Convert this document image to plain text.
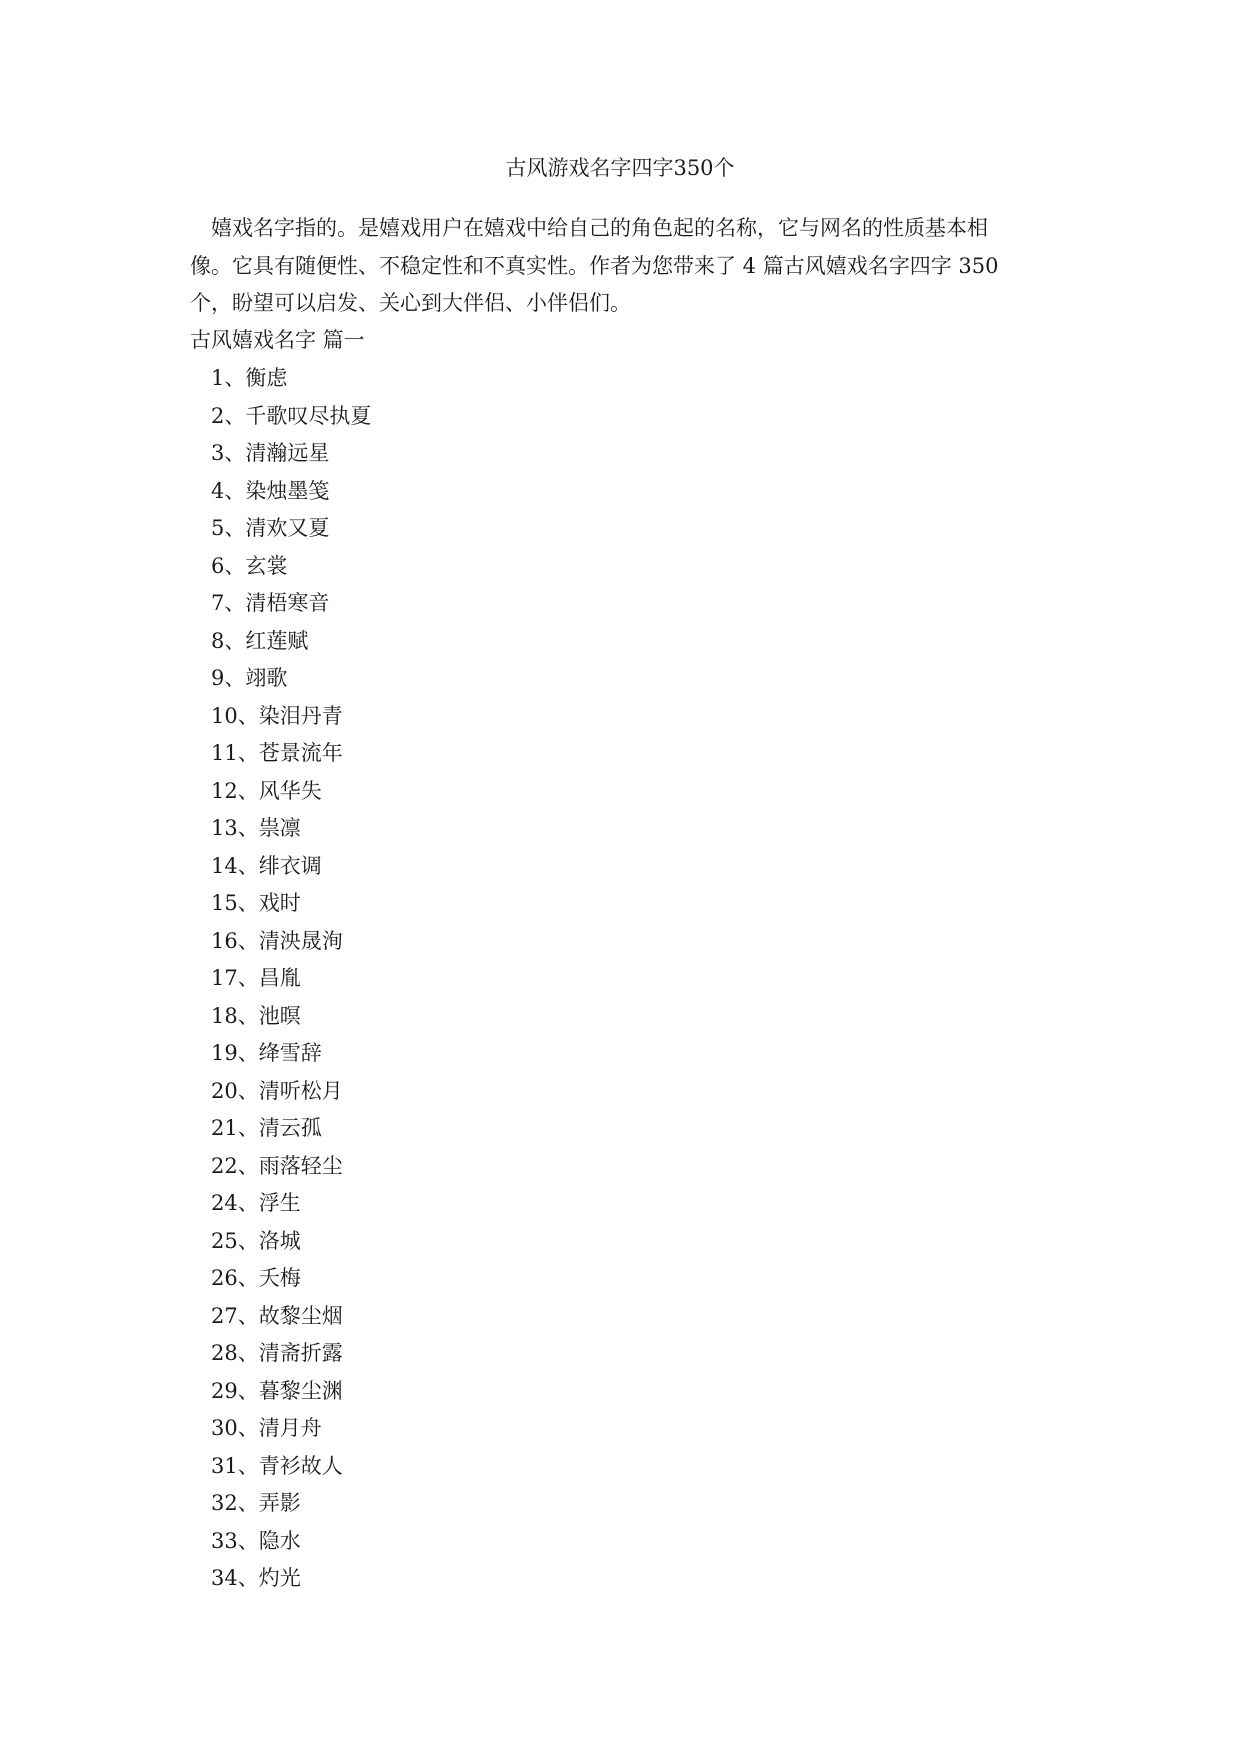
古风游戏名字四字350个
嬉戏名字指的。是嬉戏用户在嬉戏中给自己的角色起的名称，它与网名的性质基本相
像。它具有随便性、不稳定性和不真实性。作者为您带来了 4 篇古风嬉戏名字四字 350
个，盼望可以启发、关心到大伴侣、小伴侣们。
古风嬉戏名字 篇一
1、衡虑
2、千歌叹尽执夏
3、清瀚远星
4、染烛墨笺
5、清欢又夏
6、玄裳
7、清梧寒音
8、红莲赋
9、翊歌
10、染泪丹青
11、苍景流年
12、风华失
13、祟凛
14、绯衣调
15、戏时
16、清泱晟洵
17、昌胤
18、池暝
19、绛雪辞
20、清听松月
21、清云孤
22、雨落轻尘
24、浮生
25、洛城
26、夭梅
27、故黎尘烟
28、清斋折露
29、暮黎尘渊
30、清月舟
31、青衫故人
32、弄影
33、隐水
34、灼光
